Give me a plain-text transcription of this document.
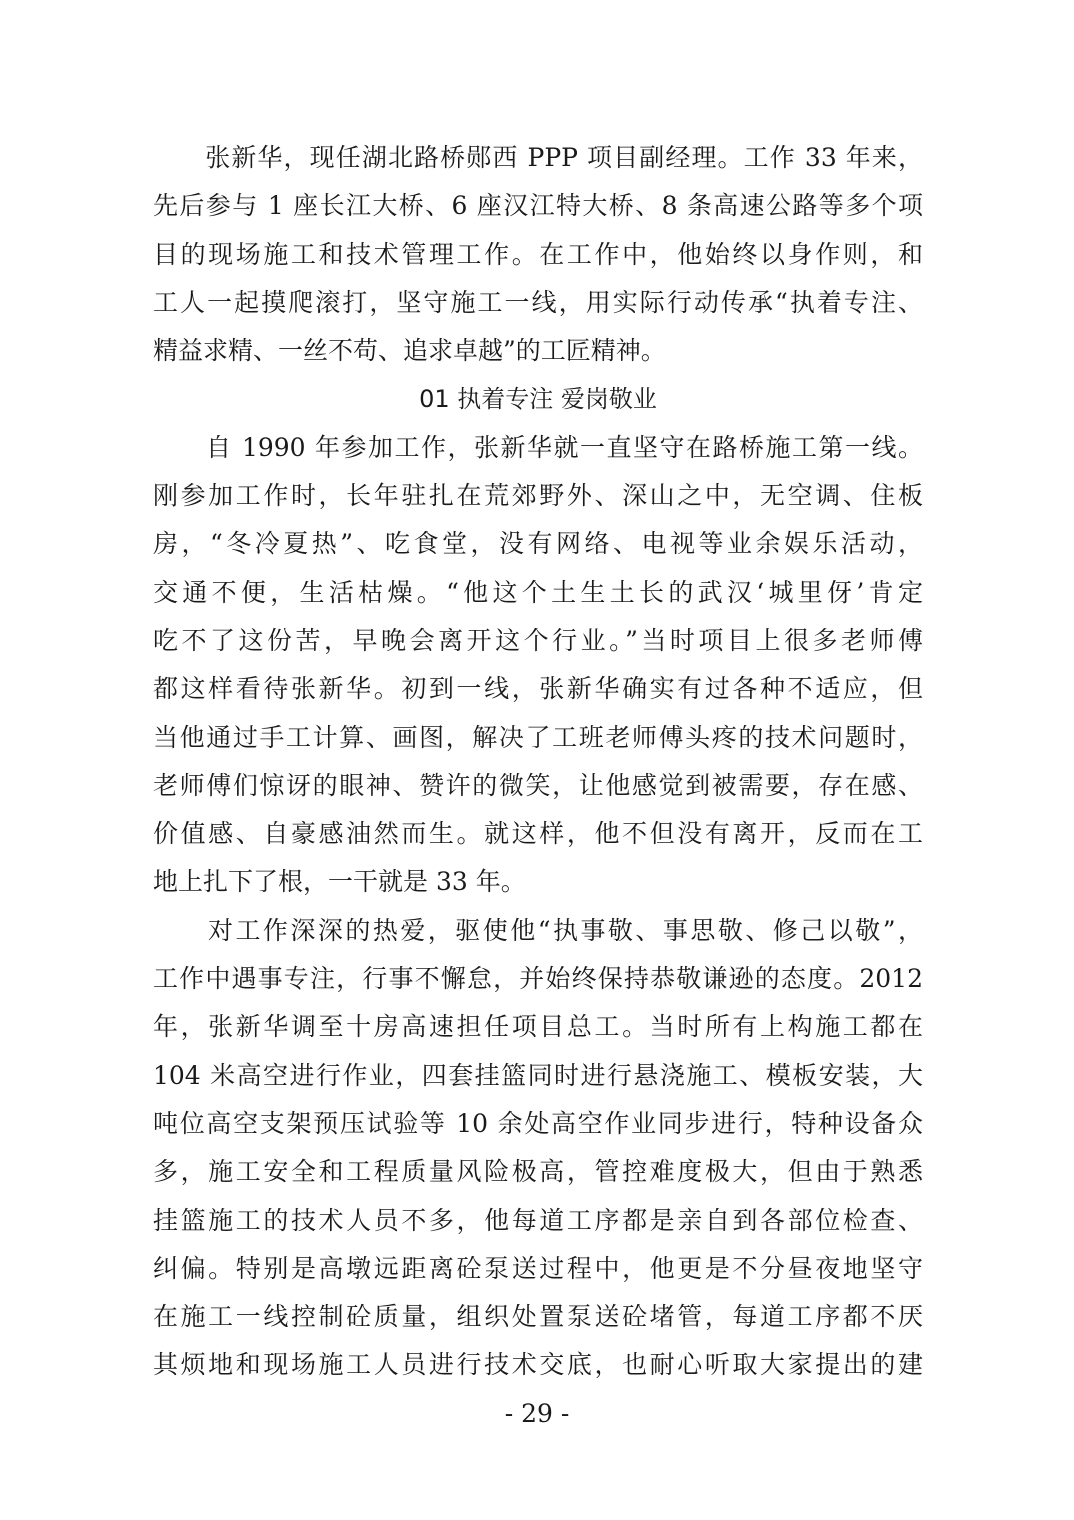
　　张新华，现任湖北路桥郧西 PPP 项目副经理。工作 33 年来，
先后参与 1 座长江大桥、6 座汉江特大桥、8 条高速公路等多个项
目的现场施工和技术管理工作。在工作中，他始终以身作则，和
工人一起摸爬滚打，坚守施工一线，用实际行动传承“执着专注、
精益求精、一丝不苟、追求卓越”的工匠精神。
01 执着专注 爱岗敬业
　　自 1990 年参加工作，张新华就一直坚守在路桥施工第一线。
刚参加工作时，长年驻扎在荒郊野外、深山之中，无空调、住板
房，“冬冷夏热”、吃食堂，没有网络、电视等业余娱乐活动，
交通不便，生活枯燥。“他这个土生土长的武汉‘城里伢’肯定
吃不了这份苦，早晚会离开这个行业。”当时项目上很多老师傅
都这样看待张新华。初到一线，张新华确实有过各种不适应，但
当他通过手工计算、画图，解决了工班老师傅头疼的技术问题时，
老师傅们惊讶的眼神、赞许的微笑，让他感觉到被需要，存在感、
价值感、自豪感油然而生。就这样，他不但没有离开，反而在工
地上扎下了根，一干就是 33 年。
　　对工作深深的热爱，驱使他“执事敬、事思敬、修己以敬”，
工作中遇事专注，行事不懈怠，并始终保持恭敬谦逊的态度。2012
年，张新华调至十房高速担任项目总工。当时所有上构施工都在
104 米高空进行作业，四套挂篮同时进行悬浇施工、模板安装，大
吨位高空支架预压试验等 10 余处高空作业同步进行，特种设备众
多，施工安全和工程质量风险极高，管控难度极大，但由于熟悉
挂篮施工的技术人员不多，他每道工序都是亲自到各部位检查、
纠偏。特别是高墩远距离砼泵送过程中，他更是不分昼夜地坚守
在施工一线控制砼质量，组织处置泵送砼堵管，每道工序都不厌
其烦地和现场施工人员进行技术交底，也耐心听取大家提出的建
- 29 -
